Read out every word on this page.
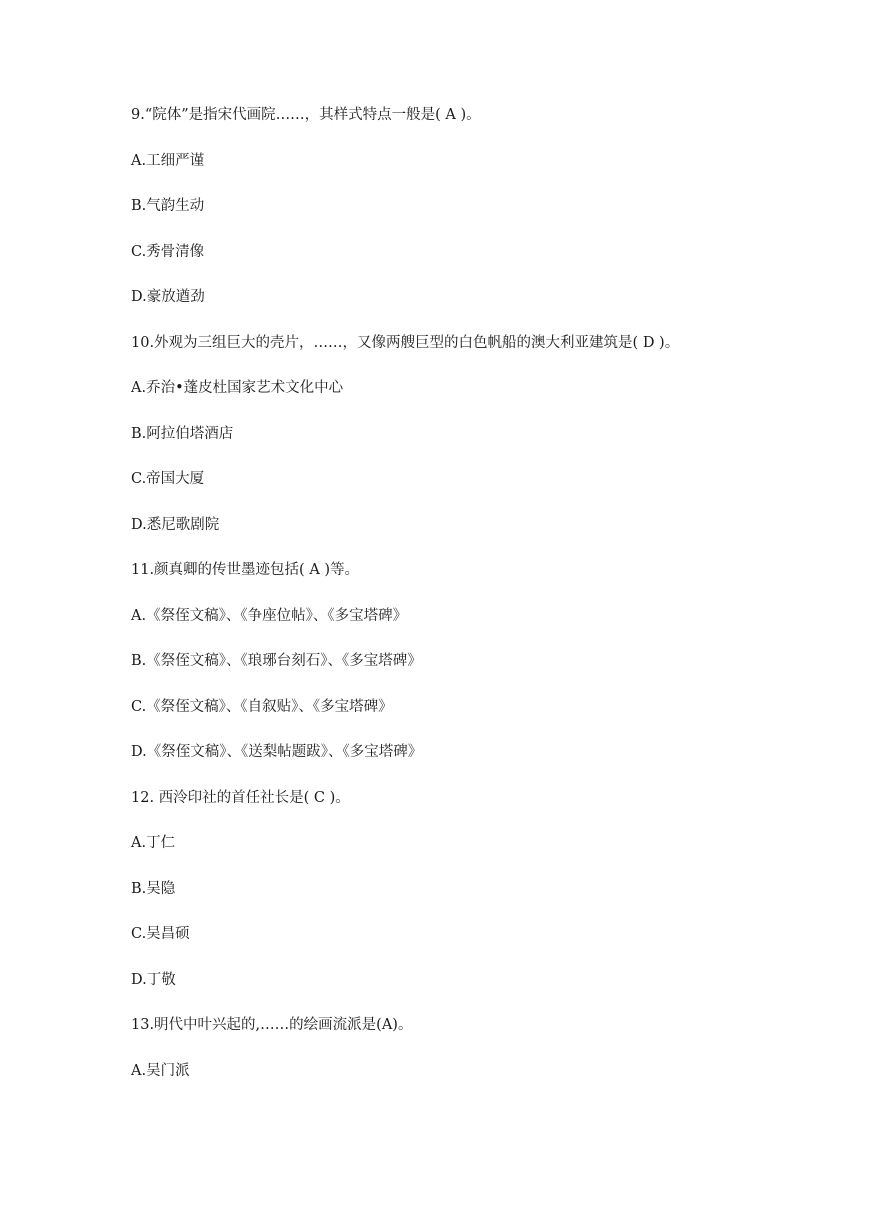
9.“院体”是指宋代画院……，其样式特点一般是( A )。
A.工细严谨
B.气韵生动
C.秀骨清像
D.豪放遒劲
10.外观为三组巨大的壳片，……，又像两艘巨型的白色帆船的澳大利亚建筑是( D )。
A.乔治•蓬皮杜国家艺术文化中心
B.阿拉伯塔酒店
C.帝国大厦
D.悉尼歌剧院
11.颜真卿的传世墨迹包括( A )等。
A.《祭侄文稿》、《争座位帖》、《多宝塔碑》
B.《祭侄文稿》、《琅琊台刻石》、《多宝塔碑》
C.《祭侄文稿》、《自叙贴》、《多宝塔碑》
D.《祭侄文稿》、《送梨帖题跋》、《多宝塔碑》
12. 西泠印社的首任社长是( C )。
A.丁仁
B.吴隐
C.吴昌硕
D.丁敬
13.明代中叶兴起的,……的绘画流派是(A)。
A.吴门派
